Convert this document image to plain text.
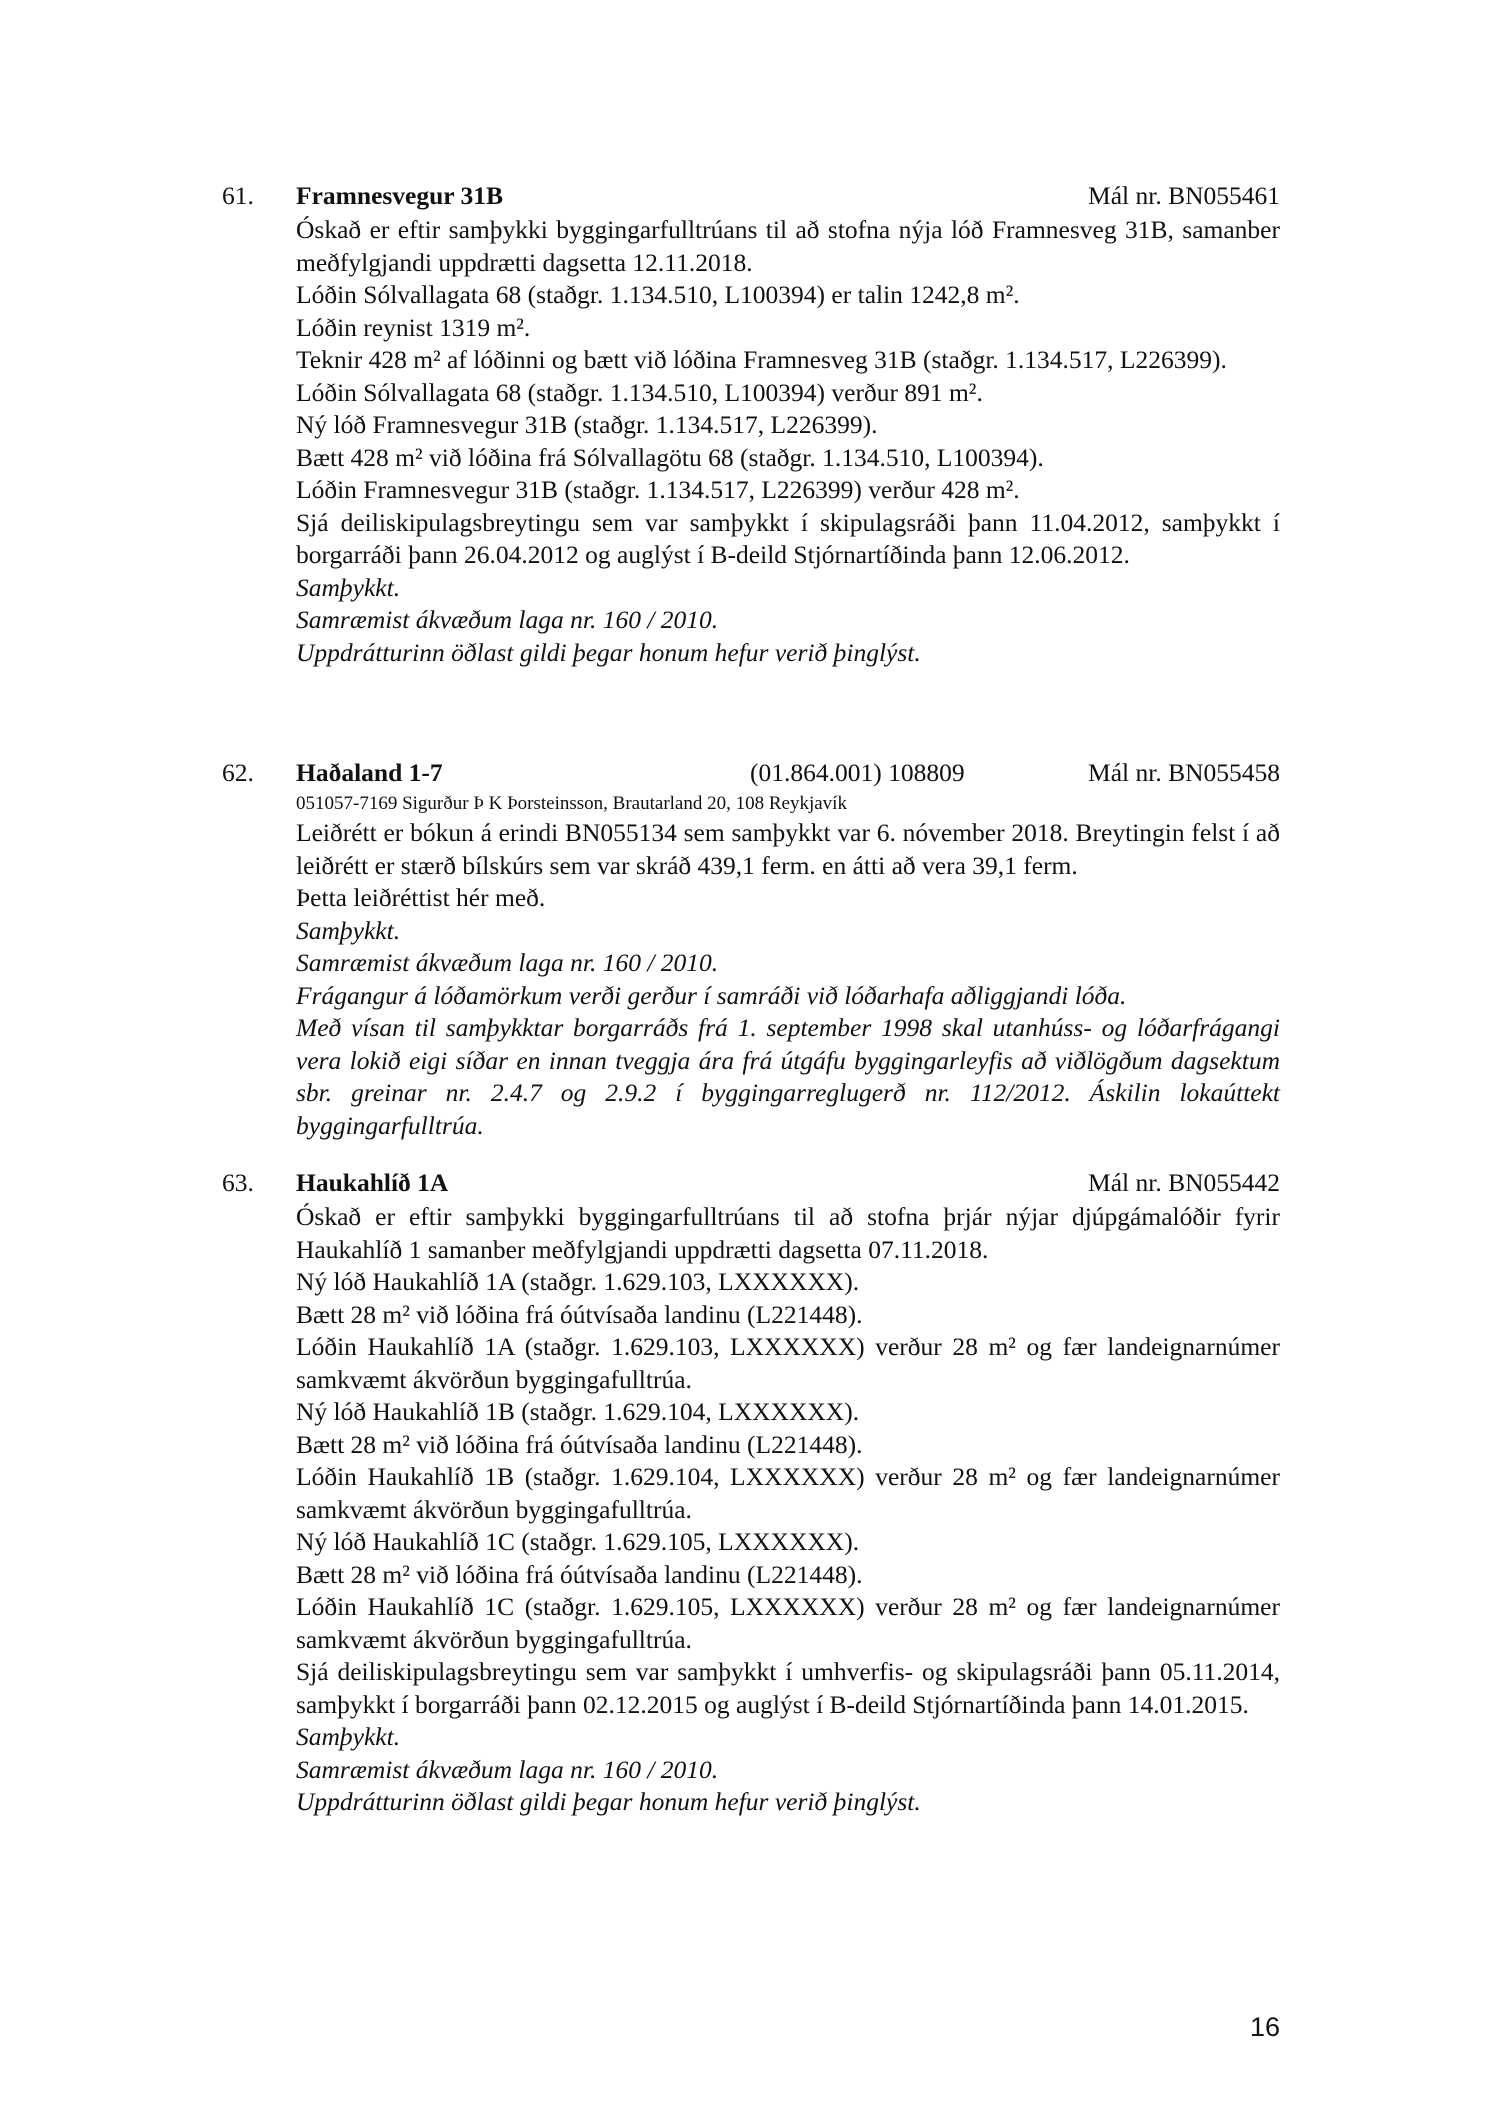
61. Framnesvegur 31B	Mál nr. BN055461
Óskað er eftir samþykki byggingarfulltrúans til að stofna nýja lóð Framnesveg 31B, samanber meðfylgjandi uppdrætti dagsetta 12.11.2018.
Lóðin Sólvallagata 68 (staðgr. 1.134.510, L100394) er talin 1242,8 m².
Lóðin reynist 1319 m².
Teknir 428 m² af lóðinni og bætt við lóðina Framnesveg 31B (staðgr. 1.134.517, L226399).
Lóðin Sólvallagata 68 (staðgr. 1.134.510, L100394) verður 891 m².
Ný lóð Framnesvegur 31B (staðgr. 1.134.517, L226399).
Bætt 428 m² við lóðina frá Sólvallagötu 68 (staðgr. 1.134.510, L100394).
Lóðin Framnesvegur 31B (staðgr. 1.134.517, L226399) verður 428 m².
Sjá deiliskipulagsbreytingu sem var samþykkt í skipulagsráði þann 11.04.2012, samþykkt í borgarráði þann 26.04.2012 og auglýst í B-deild Stjórnartíðinda þann 12.06.2012.
Samþykkt.
Samræmist ákvæðum laga nr. 160 / 2010.
Uppdrátturinn öðlast gildi þegar honum hefur verið þinglýst.
62. Haðaland 1-7	(01.864.001) 108809	Mál nr. BN055458
051057-7169 Sigurður Þ K Þorsteinsson, Brautarland 20, 108 Reykjavík
Leiðrétt er bókun á erindi BN055134 sem samþykkt var 6. nóvember 2018. Breytingin felst í að leiðrétt er stærð bílskúrs sem var skráð 439,1 ferm. en átti að vera 39,1 ferm.
Þetta leiðréttist hér með.
Samþykkt.
Samræmist ákvæðum laga nr. 160 / 2010.
Frágangur á lóðamörkum verði gerður í samráði við lóðarhafa aðliggjandi lóða.
Með vísan til samþykktar borgarráðs frá 1. september 1998 skal utanhúss- og lóðarfrágangi vera lokið eigi síðar en innan tveggja ára frá útgáfu byggingarleyfis að viðlögðum dagsektum sbr. greinar nr. 2.4.7 og 2.9.2 í byggingarreglugerð nr. 112/2012. Áskilin lokaúttekt byggingarfulltrúa.
63. Haukahlíð 1A	Mál nr. BN055442
Óskað er eftir samþykki byggingarfulltrúans til að stofna þrjár nýjar djúpgámalóðir fyrir Haukahlíð 1 samanber meðfylgjandi uppdrætti dagsetta 07.11.2018.
Ný lóð Haukahlíð 1A (staðgr. 1.629.103, LXXXXXX).
Bætt 28 m² við lóðina frá óútvísaða landinu (L221448).
Lóðin Haukahlíð 1A (staðgr. 1.629.103, LXXXXXX) verður 28 m² og fær landeignarnúmer samkvæmt ákvörðun byggingafulltrúa.
Ný lóð Haukahlíð 1B (staðgr. 1.629.104, LXXXXXX).
Bætt 28 m² við lóðina frá óútvísaða landinu (L221448).
Lóðin Haukahlíð 1B (staðgr. 1.629.104, LXXXXXX) verður 28 m² og fær landeignarnúmer samkvæmt ákvörðun byggingafulltrúa.
Ný lóð Haukahlíð 1C (staðgr. 1.629.105, LXXXXXX).
Bætt 28 m² við lóðina frá óútvísaða landinu (L221448).
Lóðin Haukahlíð 1C (staðgr. 1.629.105, LXXXXXX) verður 28 m² og fær landeignarnúmer samkvæmt ákvörðun byggingafulltrúa.
Sjá deiliskipulagsbreytingu sem var samþykkt í umhverfis- og skipulagsráði þann 05.11.2014, samþykkt í borgarráði þann 02.12.2015 og auglýst í B-deild Stjórnartíðinda þann 14.01.2015.
Samþykkt.
Samræmist ákvæðum laga nr. 160 / 2010.
Uppdrátturinn öðlast gildi þegar honum hefur verið þinglýst.
16
